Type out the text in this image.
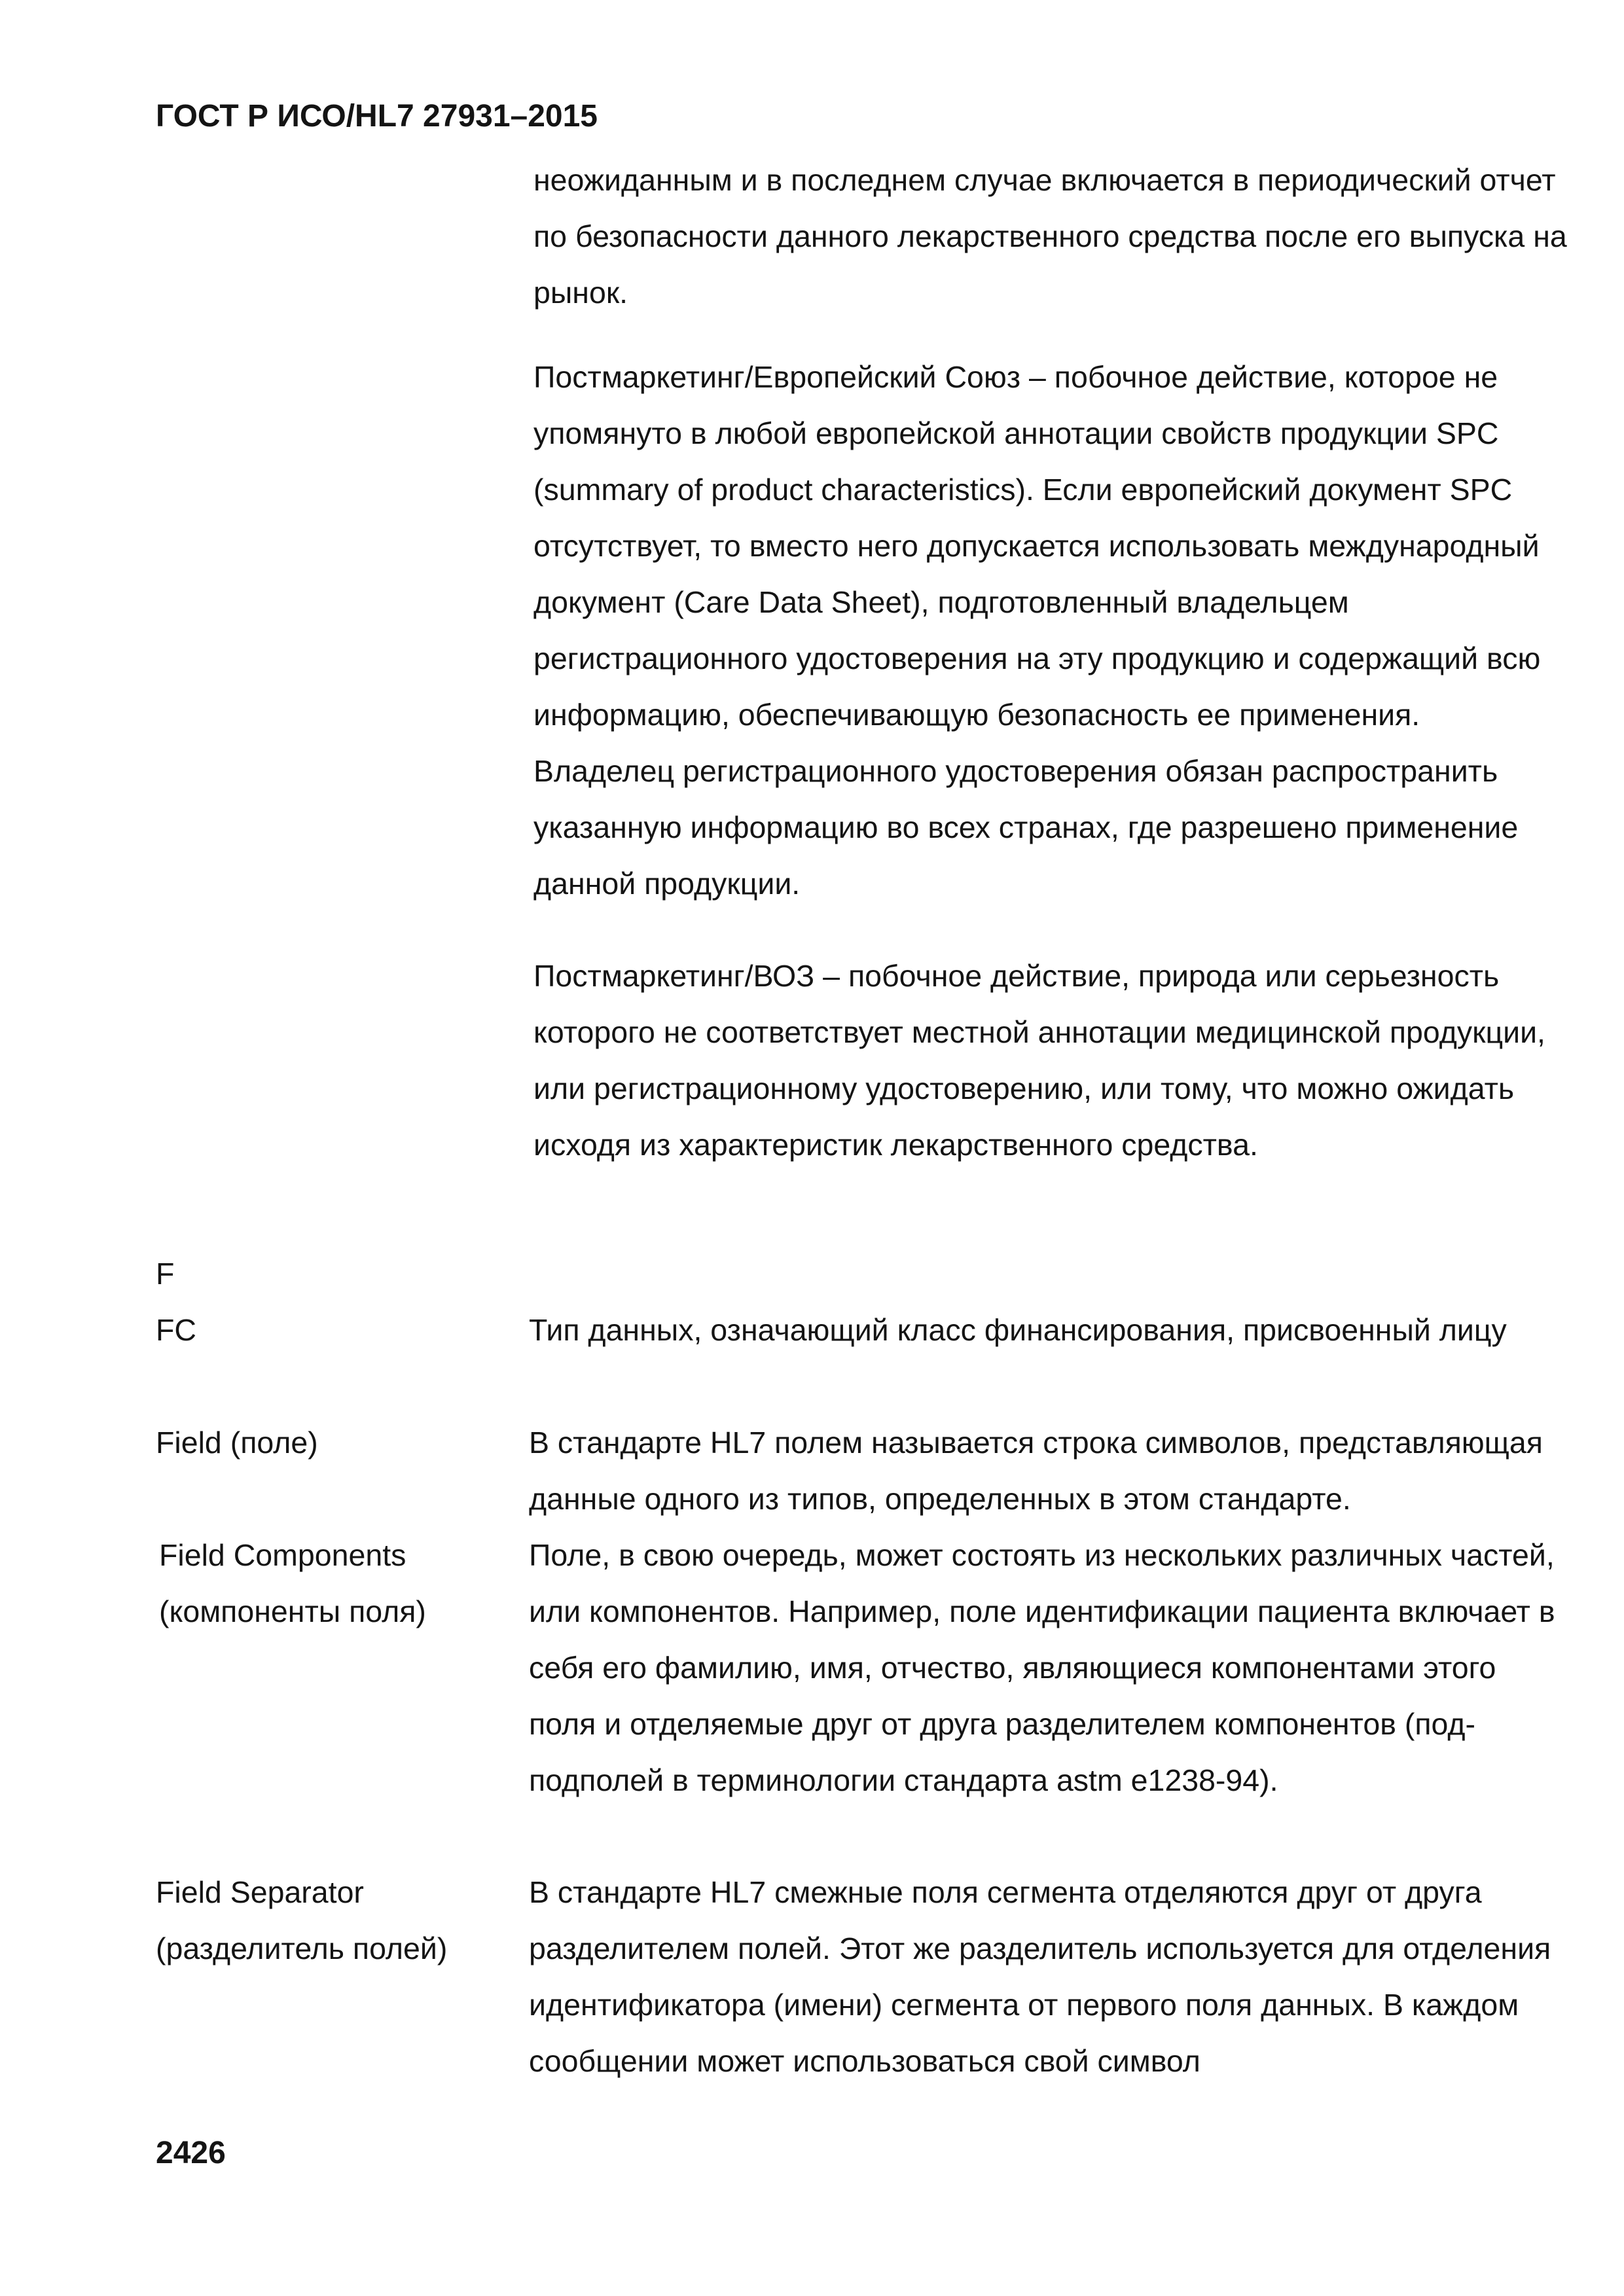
ГОСТ Р ИСО/HL7 27931–2015

неожиданным и в последнем случае включается в периодический отчет по безопасности данного лекарственного средства после его выпуска на рынок.

Постмаркетинг/Европейский Союз – побочное действие, которое не упомянуто в любой европейской аннотации свойств продукции SPC (summary of product characteristics). Если европейский документ SPC отсутствует, то вместо него допускается использовать международный документ (Care Data Sheet), подготовленный владельцем регистрационного удостоверения на эту продукцию и содержащий всю информацию, обеспечивающую безопасность ее применения. Владелец регистрационного удостоверения обязан распространить указанную информацию во всех странах, где разрешено применение данной продукции.

Постмаркетинг/ВОЗ – побочное действие, природа или серьезность которого не соответствует местной аннотации медицинской продукции, или регистрационному удостоверению, или тому, что можно ожидать исходя из характеристик лекарственного средства.

F
FC	Тип данных, означающий класс финансирования, присвоенный лицу
Field (поле)	В стандарте HL7 полем называется строка символов, представляющая данные одного из типов, определенных в этом стандарте.
Field Components (компоненты поля)
Поле, в свою очередь, может состоять из нескольких различных частей, или компонентов. Например, поле идентификации пациента включает в себя его фамилию, имя, отчество, являющиеся компонентами этого поля и отделяемые друг от друга разделителем компонентов (под-подполей в терминологии стандарта astm e1238-94).
Field Separator (разделитель полей)
В стандарте HL7 смежные поля сегмента отделяются друг от друга разделителем полей. Этот же разделитель используется для отделения идентификатора (имени) сегмента от первого поля данных. В каждом сообщении может использоваться свой символ
2426
